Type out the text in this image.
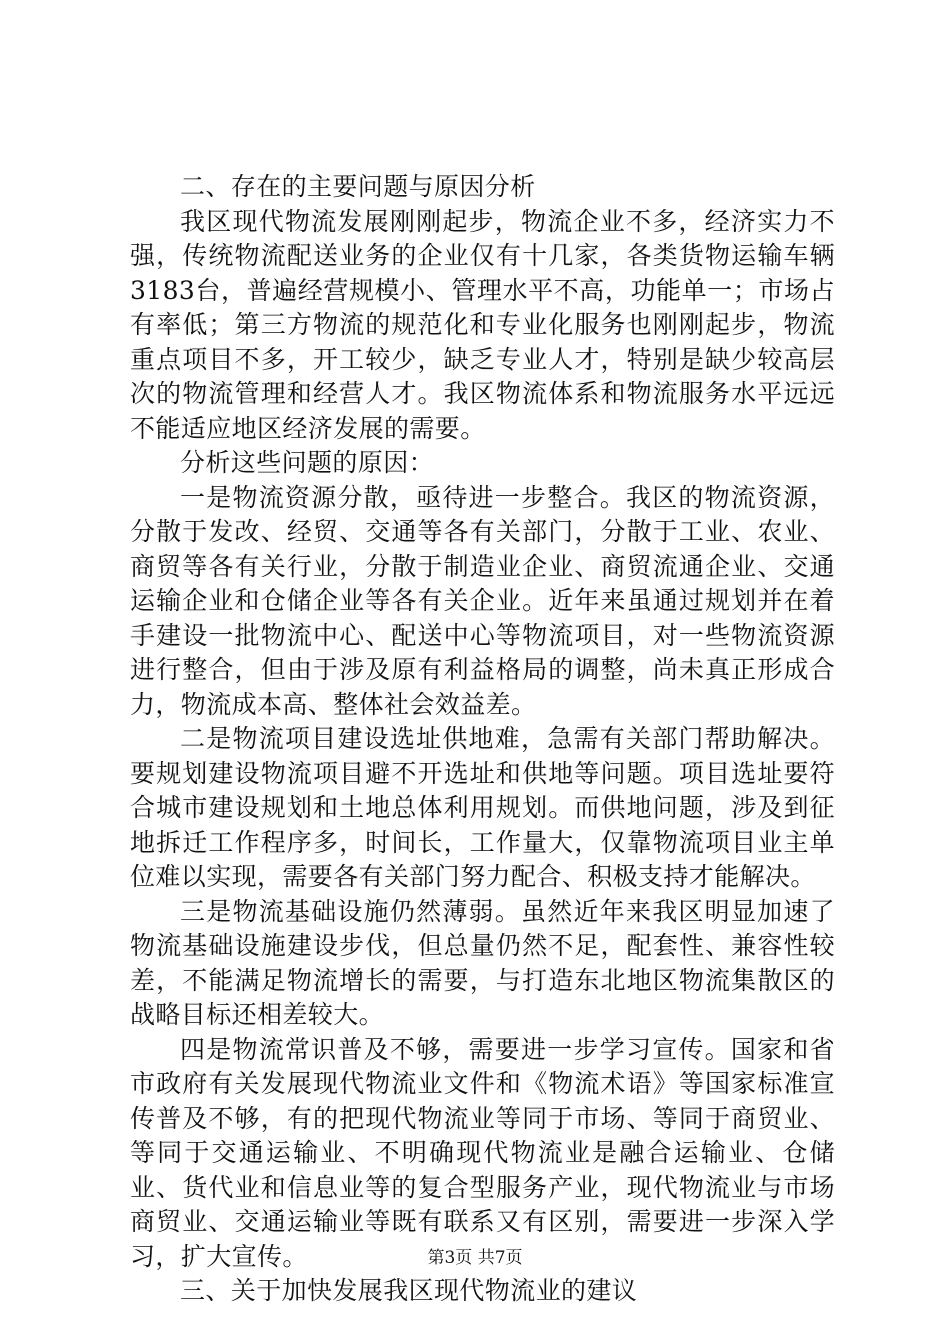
二、存在的主要问题与原因分析

我区现代物流发展刚刚起步，物流企业不多，经济实力不强，传统物流配送业务的企业仅有十几家，各类货物运输车辆3183台，普遍经营规模小、管理水平不高，功能单一；市场占有率低；第三方物流的规范化和专业化服务也刚刚起步，物流重点项目不多，开工较少，缺乏专业人才，特别是缺少较高层次的物流管理和经营人才。我区物流体系和物流服务水平远远不能适应地区经济发展的需要。

分析这些问题的原因：

一是物流资源分散，亟待进一步整合。我区的物流资源，分散于发改、经贸、交通等各有关部门，分散于工业、农业、商贸等各有关行业，分散于制造业企业、商贸流通企业、交通运输企业和仓储企业等各有关企业。近年来虽通过规划并在着手建设一批物流中心、配送中心等物流项目，对一些物流资源进行整合，但由于涉及原有利益格局的调整，尚未真正形成合力，物流成本高、整体社会效益差。

二是物流项目建设选址供地难，急需有关部门帮助解决。要规划建设物流项目避不开选址和供地等问题。项目选址要符合城市建设规划和土地总体利用规划。而供地问题，涉及到征地拆迁工作程序多，时间长，工作量大，仅靠物流项目业主单位难以实现，需要各有关部门努力配合、积极支持才能解决。

三是物流基础设施仍然薄弱。虽然近年来我区明显加速了物流基础设施建设步伐，但总量仍然不足，配套性、兼容性较差，不能满足物流增长的需要，与打造东北地区物流集散区的战略目标还相差较大。

四是物流常识普及不够，需要进一步学习宣传。国家和省市政府有关发展现代物流业文件和《物流术语》等国家标准宣传普及不够，有的把现代物流业等同于市场、等同于商贸业、等同于交通运输业、不明确现代物流业是融合运输业、仓储业、货代业和信息业等的复合型服务产业，现代物流业与市场商贸业、交通运输业等既有联系又有区别，需要进一步深入学习，扩大宣传。

三、关于加快发展我区现代物流业的建议

第3页 共7页
